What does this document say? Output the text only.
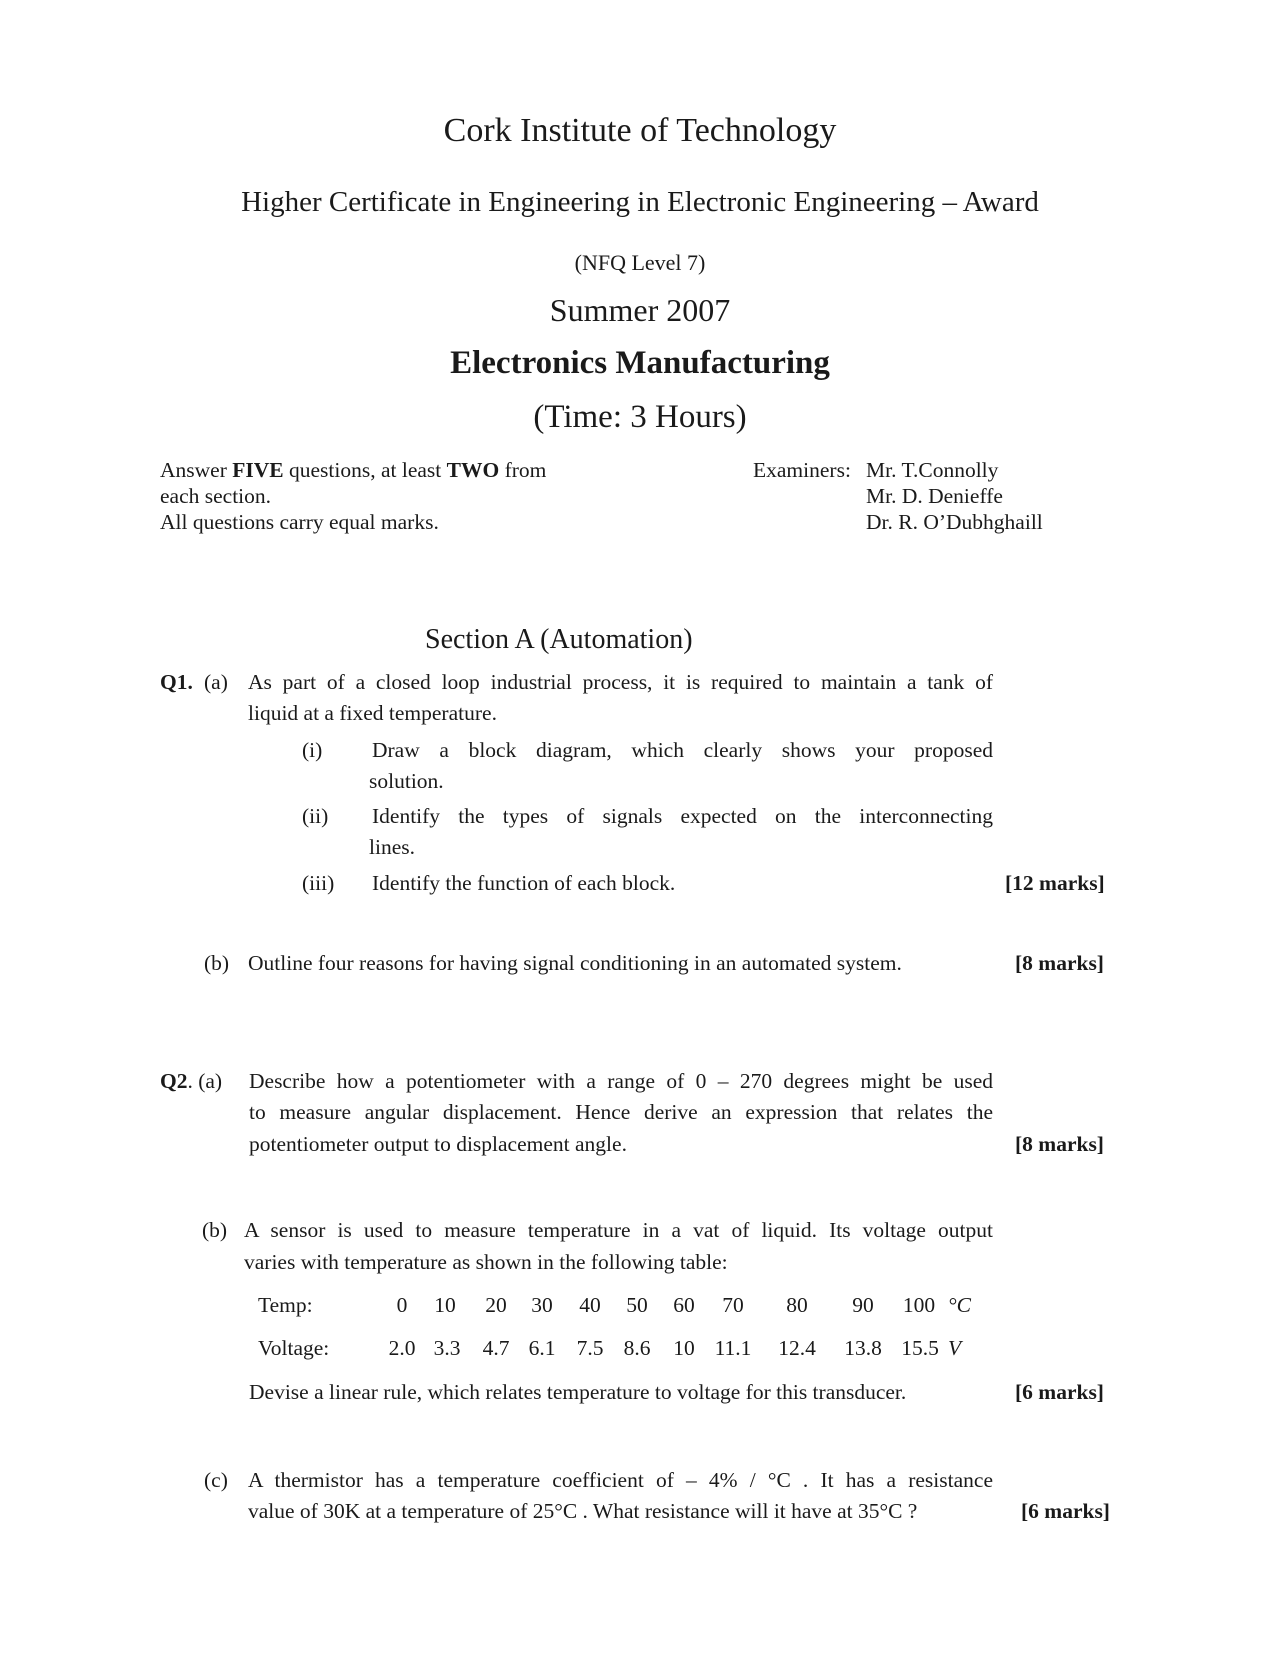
Cork Institute of Technology
Higher Certificate in Engineering in Electronic Engineering – Award
(NFQ Level 7)
Summer 2007
Electronics Manufacturing
(Time: 3 Hours)
Answer FIVE questions, at least TWO from
each section.
All questions carry equal marks.
Examiners: Mr. T.Connolly
Mr. D. Denieffe
Dr. R. O’Dubhghaill
Section A (Automation)
Q1. (a) As part of a closed loop industrial process, it is required to maintain a tank of
liquid at a fixed temperature.
(i) Draw a block diagram, which clearly shows your proposed
solution.
(ii) Identify the types of signals expected on the interconnecting
lines.
(iii) Identify the function of each block.	[12 marks]
(b) Outline four reasons for having signal conditioning in an automated system.	[8 marks]
Q2. (a) Describe how a potentiometer with a range of 0 – 270 degrees might be used
to measure angular displacement. Hence derive an expression that relates the
potentiometer output to displacement angle.	[8 marks]
(b) A sensor is used to measure temperature in a vat of liquid. Its voltage output
varies with temperature as shown in the following table:
Temp:	0	10 20 30 40 50 60 70 80 90 100 °C
Voltage:	2.0 3.3 4.7 6.1 7.5 8.6 10 11.1 12.4 13.8 15.5 V
Devise a linear rule, which relates temperature to voltage for this transducer.	[6 marks]
(c) A thermistor has a temperature coefficient of – 4% / °C . It has a resistance
value of 30K at a temperature of 25°C . What resistance will it have at 35°C ?	[6 marks]
